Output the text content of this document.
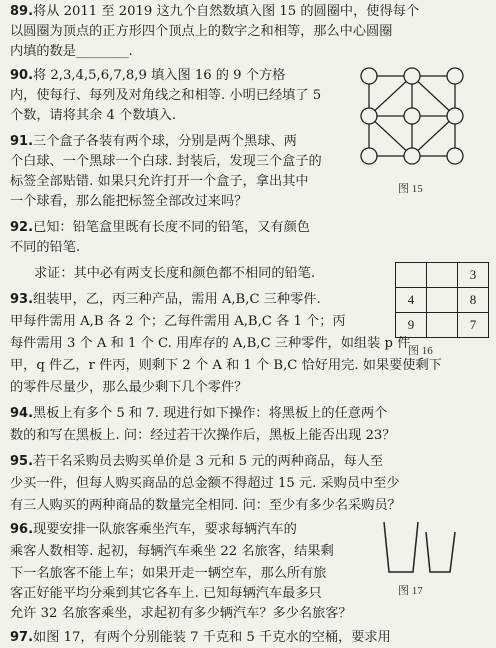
89.将从 2011 至 2019 这九个自然数填入图 15 的圆圈中，使得每个
以圆圈为顶点的正方形四个顶点上的数字之和相等，那么中心圆圈
内填的数是________.
90.将 2,3,4,5,6,7,8,9 填入图 16 的 9 个方格
内，使每行、每列及对角线之和相等. 小明已经填了 5
个数，请将其余 4 个数填入.
91.三个盒子各装有两个球，分别是两个黑球、两
个白球、一个黑球一个白球. 封装后，发现三个盒子的
标签全部贴错. 如果只允许打开一个盒子，拿出其中
一个球看，那么能把标签全部改过来吗？
92.已知：铅笔盒里既有长度不同的铅笔，又有颜色
不同的铅笔.
求证：其中必有两支长度和颜色都不相同的铅笔.
93.组装甲，乙，丙三种产品，需用 A,B,C 三种零件.
甲每件需用 A,B 各 2 个；乙每件需用 A,B,C 各 1 个；丙
每件需用 3 个 A 和 1 个 C. 用库存的 A,B,C 三种零件，如组装 p 件
甲，q 件乙，r 件丙，则剩下 2 个 A 和 1 个 B,C 恰好用完. 如果要使剩下
的零件尽量少，那么最少剩下几个零件？
94.黑板上有多个 5 和 7. 现进行如下操作：将黑板上的任意两个
数的和写在黑板上. 问：经过若干次操作后，黑板上能否出现 23？
95.若干名采购员去购买单价是 3 元和 5 元的两种商品，每人至
少买一件，但每人购买商品的总金额不得超过 15 元. 采购员中至少
有三人购买的两种商品的数量完全相同. 问：至少有多少名采购员？
96.现要安排一队旅客乘坐汽车，要求每辆汽车的
乘客人数相等. 起初，每辆汽车乘坐 22 名旅客，结果剩
下一名旅客不能上车；如果开走一辆空车，那么所有旅
客正好能平均分乘到其它各车上. 已知每辆汽车最多只
允许 32 名旅客乘坐，求起初有多少辆汽车？多少名旅客？
97.如图 17，有两个分别能装 7 千克和 5 千克水的空桶，要求用
图 15
		3
4		8
9		7
图 16
图 17
